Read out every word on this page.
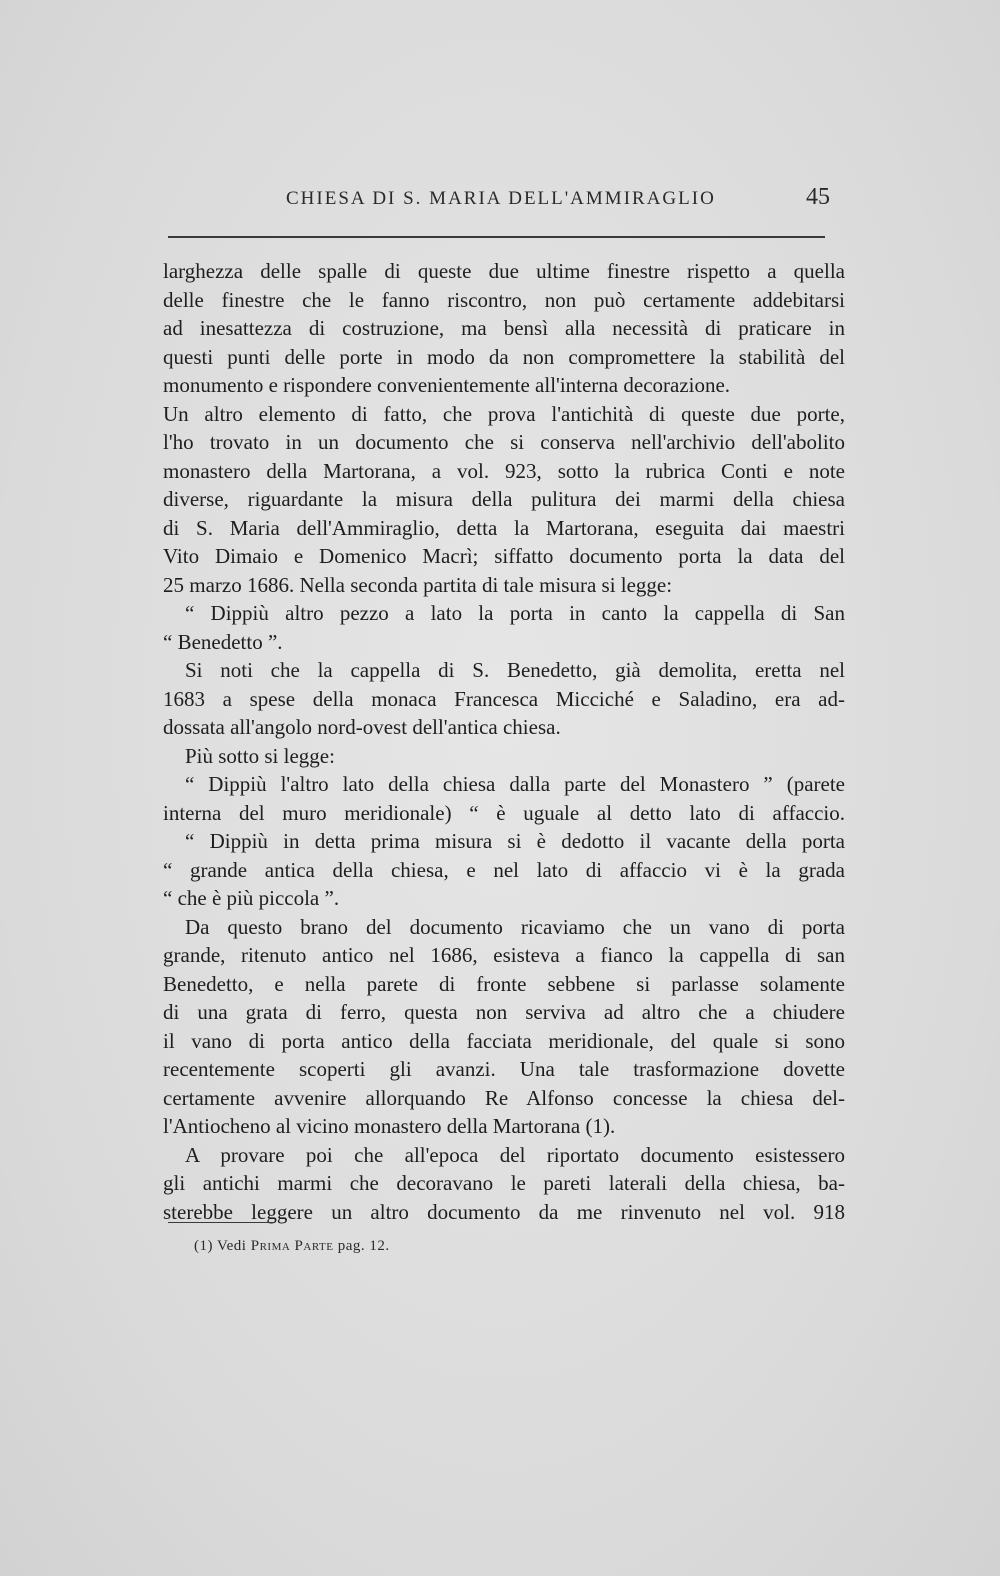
CHIESA DI S. MARIA DELL'AMMIRAGLIO	45
larghezza delle spalle di queste due ultime finestre rispetto a quella
delle finestre che le fanno riscontro, non può certamente addebitarsi
ad inesattezza di costruzione, ma bensì alla necessità di praticare in
questi punti delle porte in modo da non compromettere la stabilità del
monumento e rispondere convenientemente all'interna decorazione.
Un altro elemento di fatto, che prova l'antichità di queste due porte,
l'ho trovato in un documento che si conserva nell'archivio dell'abolito
monastero della Martorana, a vol. 923, sotto la rubrica Conti e note
diverse, riguardante la misura della pulitura dei marmi della chiesa
di S. Maria dell'Ammiraglio, detta la Martorana, eseguita dai maestri
Vito Dimaio e Domenico Macrì; siffatto documento porta la data del
25 marzo 1686. Nella seconda partita di tale misura si legge:
“ Dippiù altro pezzo a lato la porta in canto la cappella di San
“ Benedetto ”.
Si noti che la cappella di S. Benedetto, già demolita, eretta nel
1683 a spese della monaca Francesca Micciché e Saladino, era ad-
dossata all'angolo nord-ovest dell'antica chiesa.
Più sotto si legge:
“ Dippiù l'altro lato della chiesa dalla parte del Monastero ” (parete
interna del muro meridionale) “ è uguale al detto lato di affaccio.
“ Dippiù in detta prima misura si è dedotto il vacante della porta
“ grande antica della chiesa, e nel lato di affaccio vi è la grada
“ che è più piccola ”.
Da questo brano del documento ricaviamo che un vano di porta
grande, ritenuto antico nel 1686, esisteva a fianco la cappella di san
Benedetto, e nella parete di fronte sebbene si parlasse solamente
di una grata di ferro, questa non serviva ad altro che a chiudere
il vano di porta antico della facciata meridionale, del quale si sono
recentemente scoperti gli avanzi. Una tale trasformazione dovette
certamente avvenire allorquando Re Alfonso concesse la chiesa del-
l'Antiocheno al vicino monastero della Martorana (1).
A provare poi che all'epoca del riportato documento esistessero
gli antichi marmi che decoravano le pareti laterali della chiesa, ba-
sterebbe leggere un altro documento da me rinvenuto nel vol. 918
(1) Vedi Prima Parte pag. 12.
